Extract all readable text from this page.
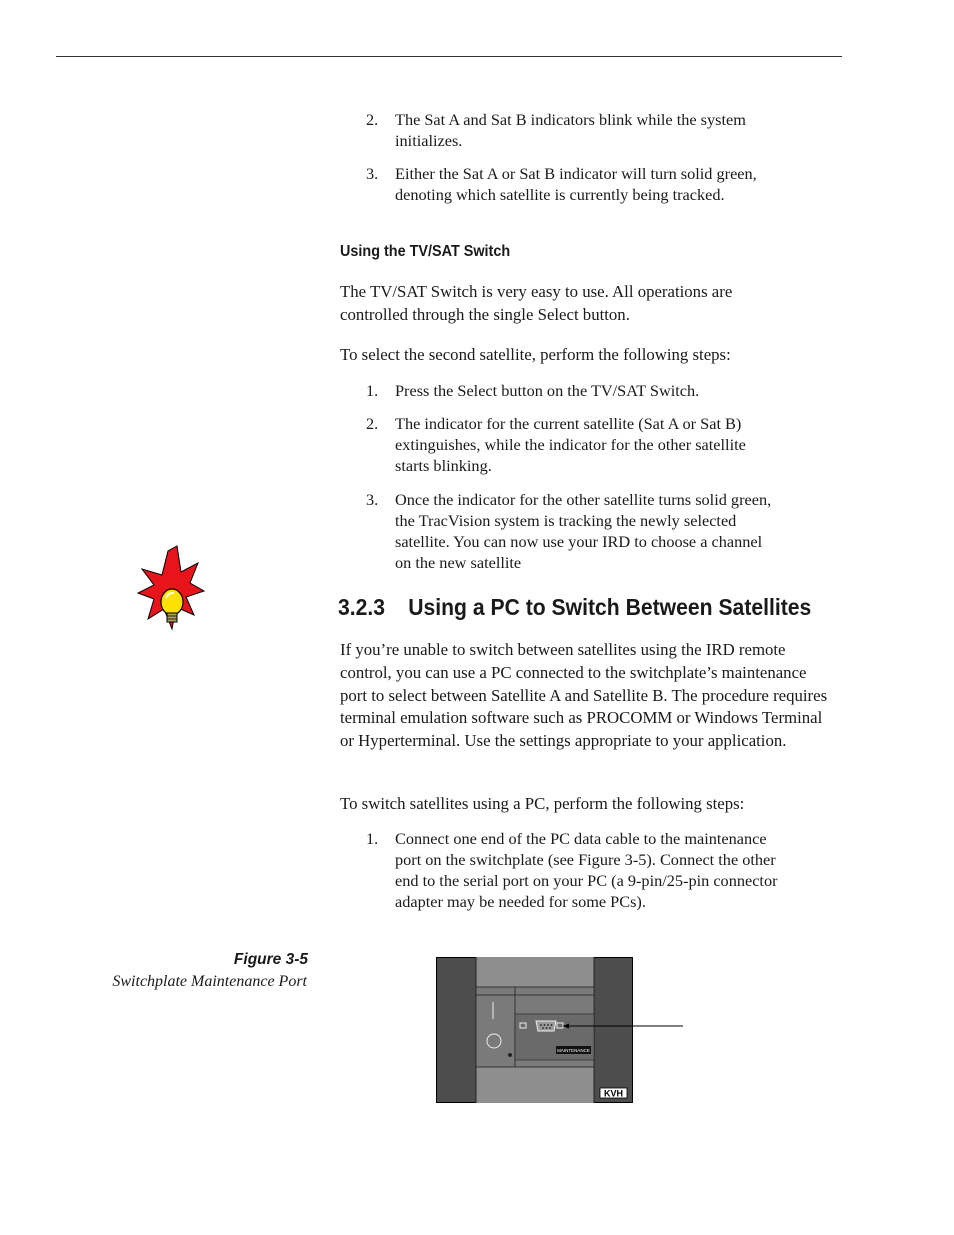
2.	The Sat A and Sat B indicators blink while the system initializes.
3.	Either the Sat A or Sat B indicator will turn solid green, denoting which satellite is currently being tracked.
Using the TV/SAT Switch
The TV/SAT Switch is very easy to use. All operations are controlled through the single Select button.
To select the second satellite, perform the following steps:
1.	Press the Select button on the TV/SAT Switch.
2.	The indicator for the current satellite (Sat A or Sat B) extinguishes, while the indicator for the other satellite starts blinking.
3.	Once the indicator for the other satellite turns solid green, the TracVision system is tracking the newly selected satellite. You can now use your IRD to choose a channel on the new satellite
3.2.3 Using a PC to Switch Between Satellites
If you’re unable to switch between satellites using the IRD remote control, you can use a PC connected to the switchplate’s maintenance port to select between Satellite A and Satellite B. The procedure requires terminal emulation software such as PROCOMM or Windows Terminal or Hyperterminal. Use the settings appropriate to your application.
To switch satellites using a PC, perform the following steps:
1.	Connect one end of the PC data cable to the maintenance port on the switchplate (see Figure 3-5). Connect the other end to the serial port on your PC (a 9-pin/25-pin connector adapter may be needed for some PCs).
Figure 3-5
Switchplate Maintenance Port
MAINTENANCE
KVH
